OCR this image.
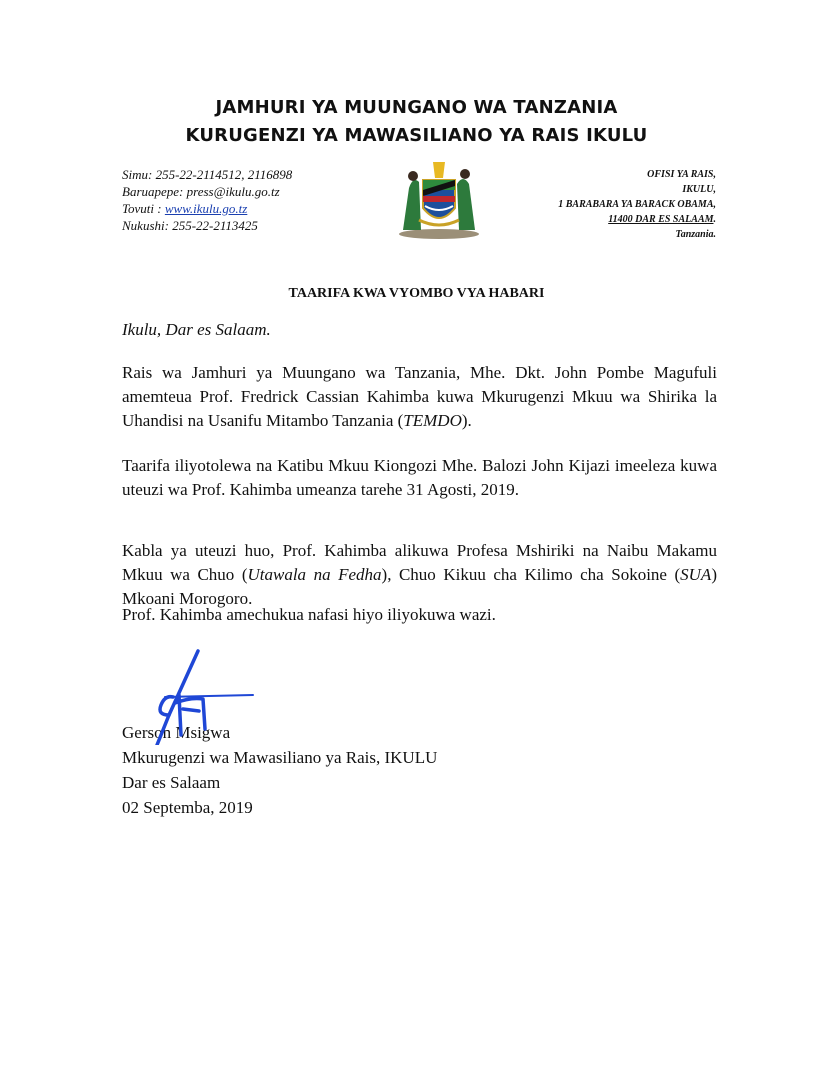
JAMHURI YA MUUNGANO WA TANZANIA
KURUGENZI YA MAWASILIANO YA RAIS IKULU
Simu: 255-22-2114512, 2116898
Baruapepe: press@ikulu.go.tz
Tovuti : www.ikulu.go.tz
Nukushi: 255-22-2113425
OFISI YA RAIS,
IKULU,
1 BARABARA YA BARACK OBAMA,
11400 DAR ES SALAAM.
Tanzania.
TAARIFA KWA VYOMBO VYA HABARI
Ikulu, Dar es Salaam.

Rais wa Jamhuri ya Muungano wa Tanzania, Mhe. Dkt. John Pombe Magufuli amemteua Prof. Fredrick Cassian Kahimba kuwa Mkurugenzi Mkuu wa Shirika la Uhandisi na Usanifu Mitambo Tanzania (TEMDO).

Taarifa iliyotolewa na Katibu Mkuu Kiongozi Mhe. Balozi John Kijazi imeeleza kuwa uteuzi wa Prof. Kahimba umeanza tarehe 31 Agosti, 2019.

Kabla ya uteuzi huo, Prof. Kahimba alikuwa Profesa Mshiriki na Naibu Makamu Mkuu wa Chuo (Utawala na Fedha), Chuo Kikuu cha Kilimo cha Sokoine (SUA) Mkoani Morogoro.

Prof. Kahimba amechukua nafasi hiyo iliyokuwa wazi.

Gerson Msigwa
Mkurugenzi wa Mawasiliano ya Rais, IKULU
Dar es Salaam
02 Septemba, 2019
